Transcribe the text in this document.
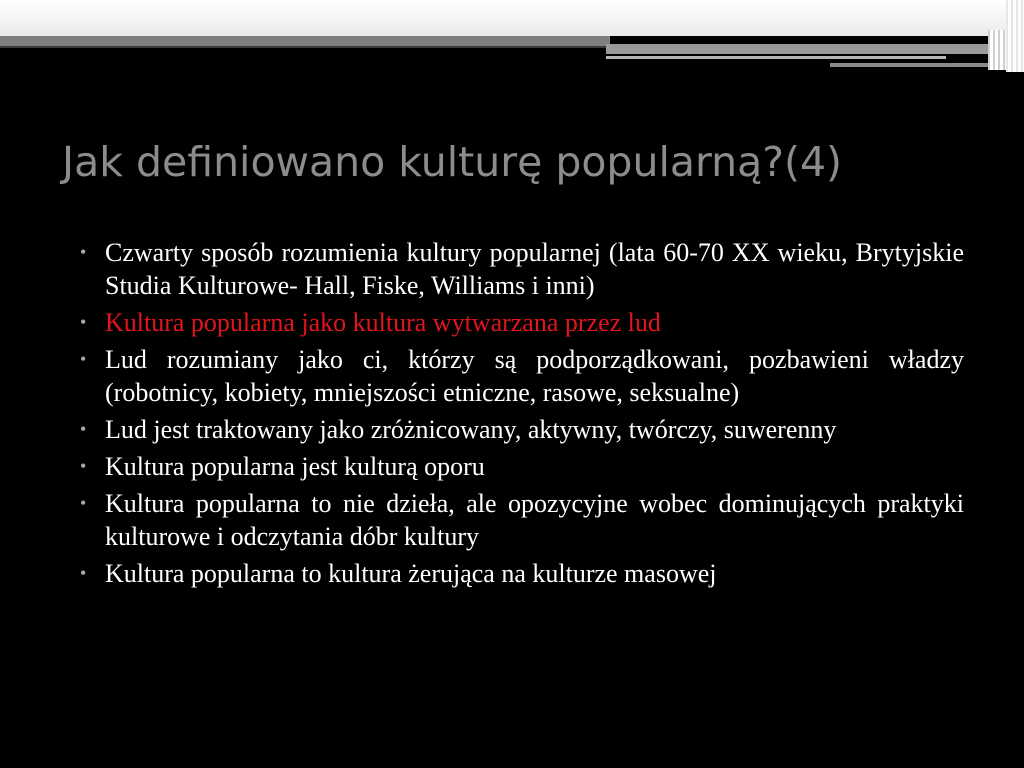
Jak definiowano kulturę popularną?(4)
• Czwarty sposób rozumienia kultury popularnej (lata 60-70 XX wieku, Brytyjskie Studia Kulturowe- Hall, Fiske, Williams i inni)
• Kultura popularna jako kultura wytwarzana przez lud
• Lud rozumiany jako ci, którzy są podporządkowani, pozbawieni władzy (robotnicy, kobiety, mniejszości etniczne, rasowe, seksualne)
• Lud jest traktowany jako zróżnicowany, aktywny, twórczy, suwerenny
• Kultura popularna jest kulturą oporu
• Kultura popularna to nie dzieła, ale opozycyjne wobec dominujących praktyki kulturowe i odczytania dóbr kultury
• Kultura popularna to kultura żerująca na kulturze masowej
